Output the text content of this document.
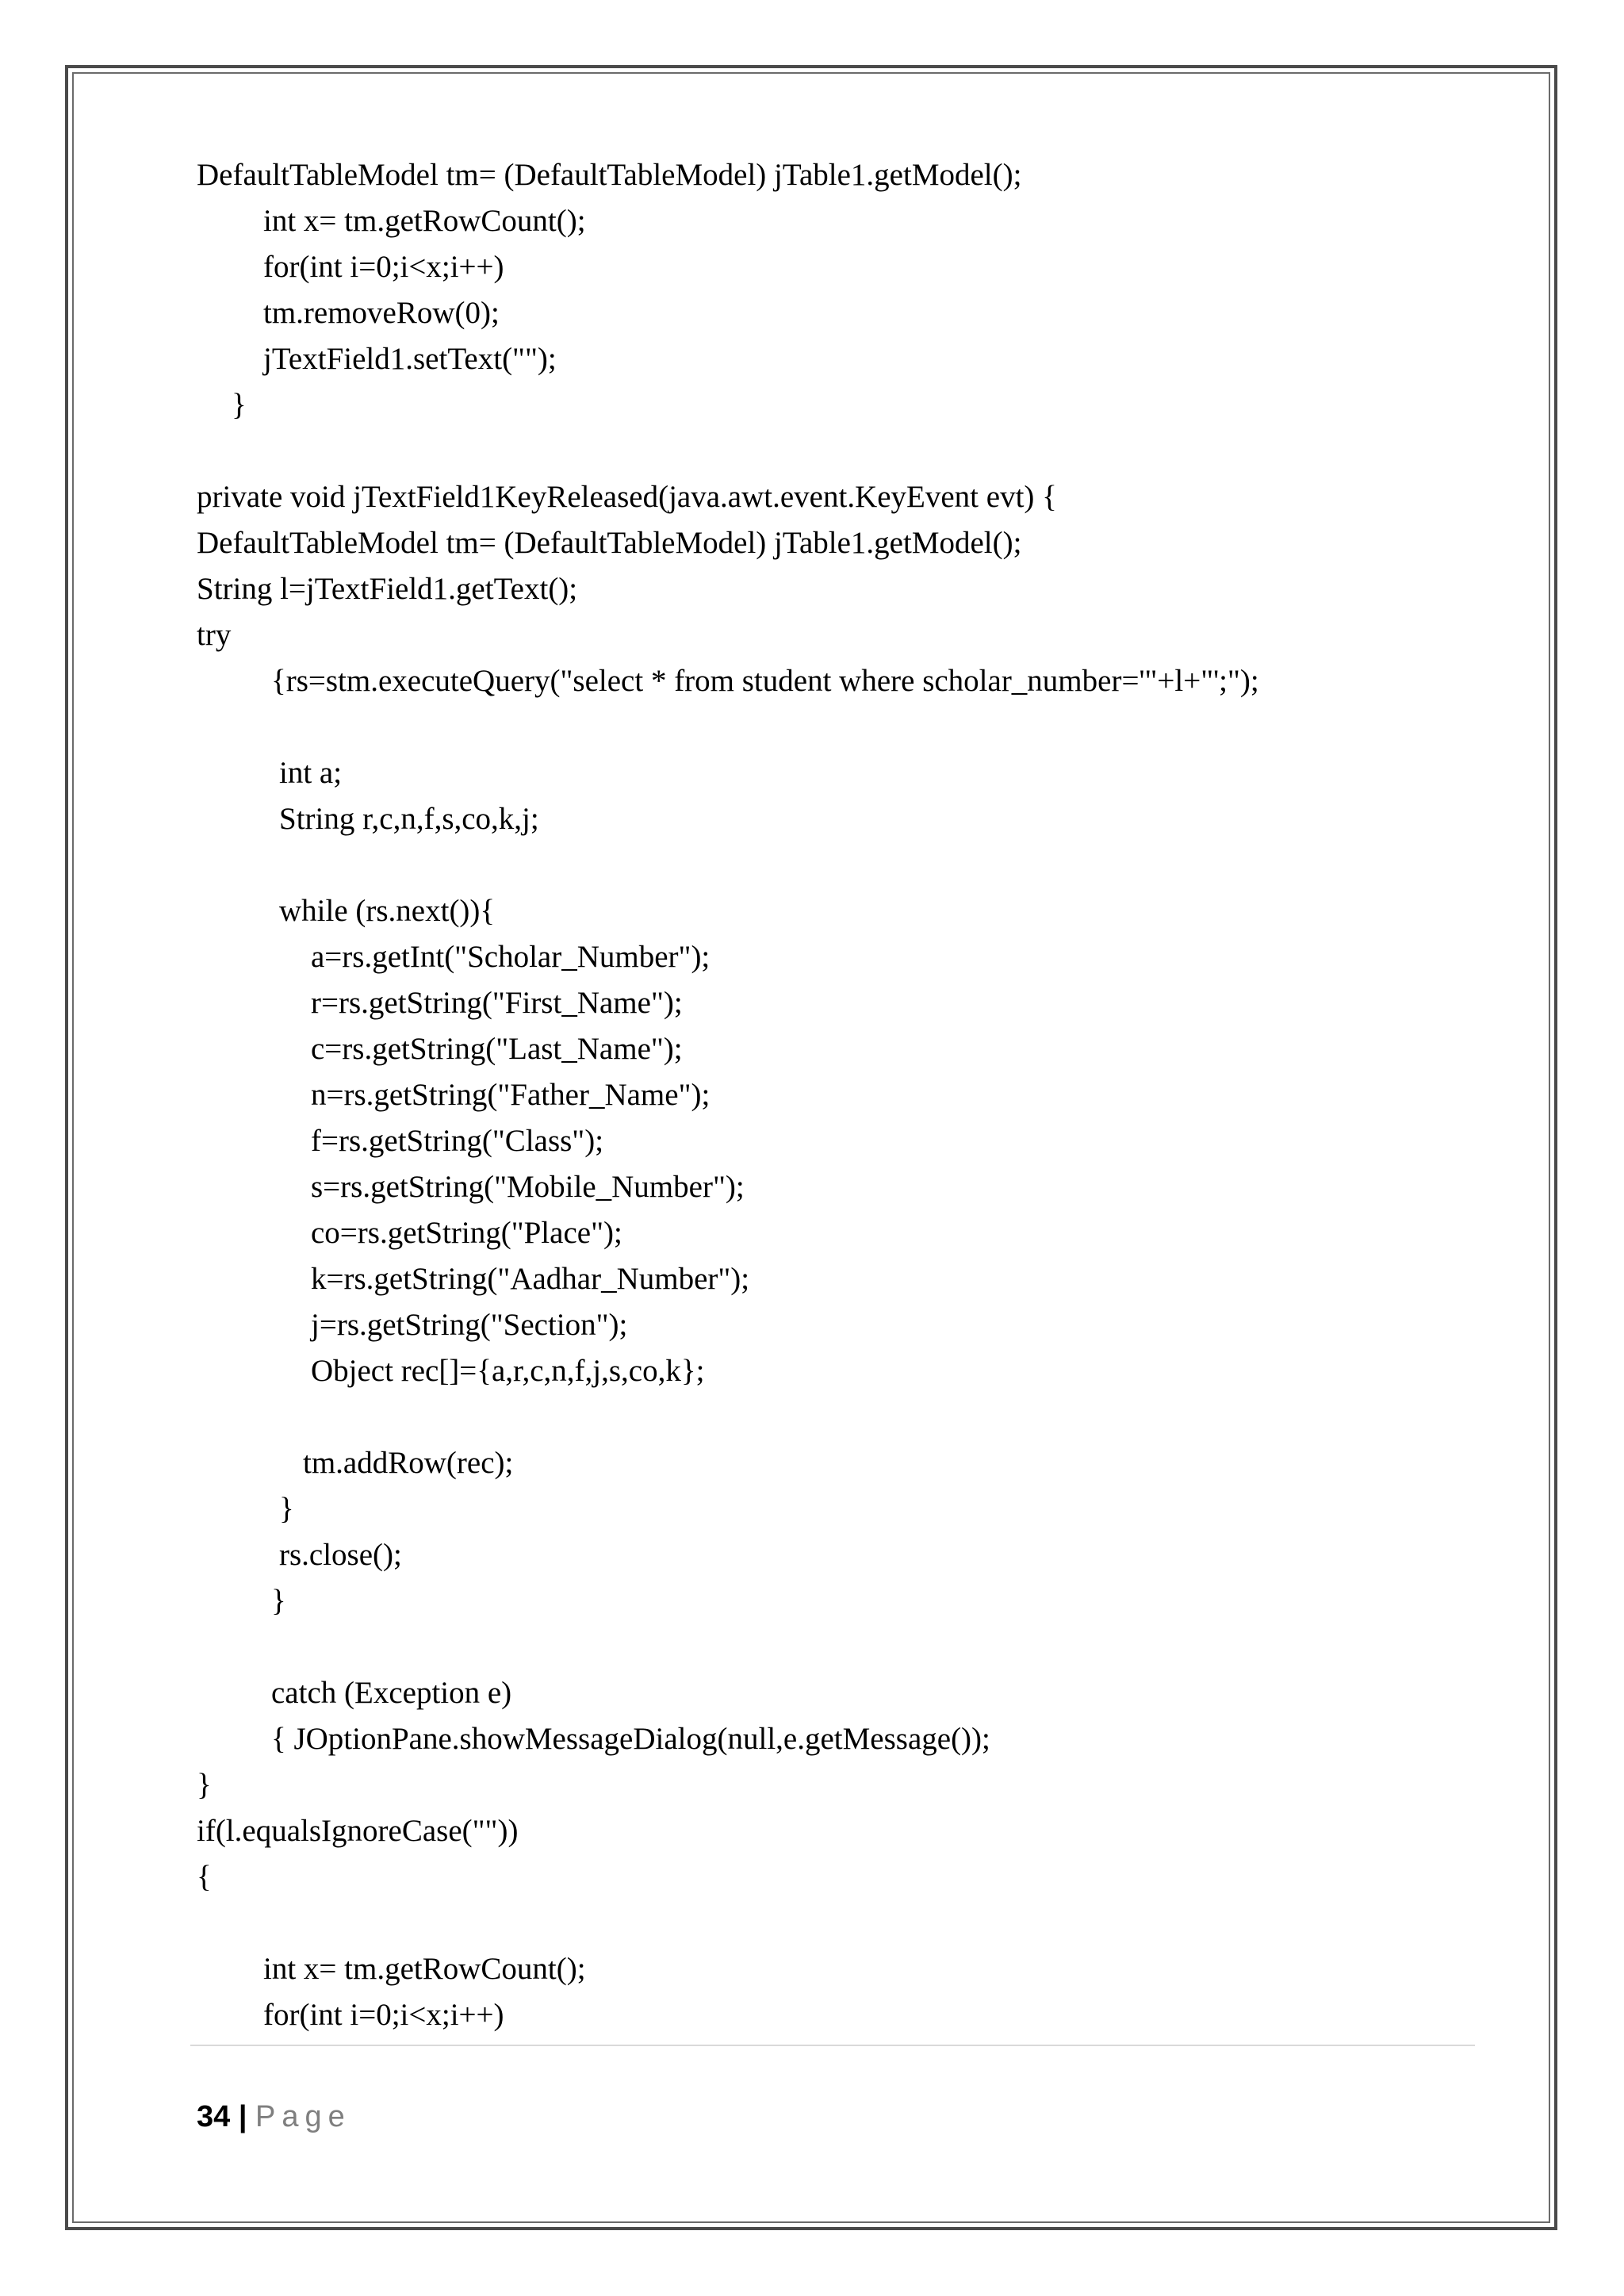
DefaultTableModel tm= (DefaultTableModel) jTable1.getModel();
int x= tm.getRowCount();
for(int i=0;i<x;i++)
tm.removeRow(0);
jTextField1.setText("");
}
private void jTextField1KeyReleased(java.awt.event.KeyEvent evt) {
DefaultTableModel tm= (DefaultTableModel) jTable1.getModel();
String l=jTextField1.getText();
try
{rs=stm.executeQuery("select * from student where scholar_number='"+l+"';");
int a;
String r,c,n,f,s,co,k,j;
while (rs.next()){
a=rs.getInt("Scholar_Number");
r=rs.getString("First_Name");
c=rs.getString("Last_Name");
n=rs.getString("Father_Name");
f=rs.getString("Class");
s=rs.getString("Mobile_Number");
co=rs.getString("Place");
k=rs.getString("Aadhar_Number");
j=rs.getString("Section");
Object rec[]={a,r,c,n,f,j,s,co,k};
tm.addRow(rec);
}
rs.close();
}
catch (Exception e)
{ JOptionPane.showMessageDialog(null,e.getMessage());
}
if(l.equalsIgnoreCase(""))
{
int x= tm.getRowCount();
for(int i=0;i<x;i++)
34 | Page
